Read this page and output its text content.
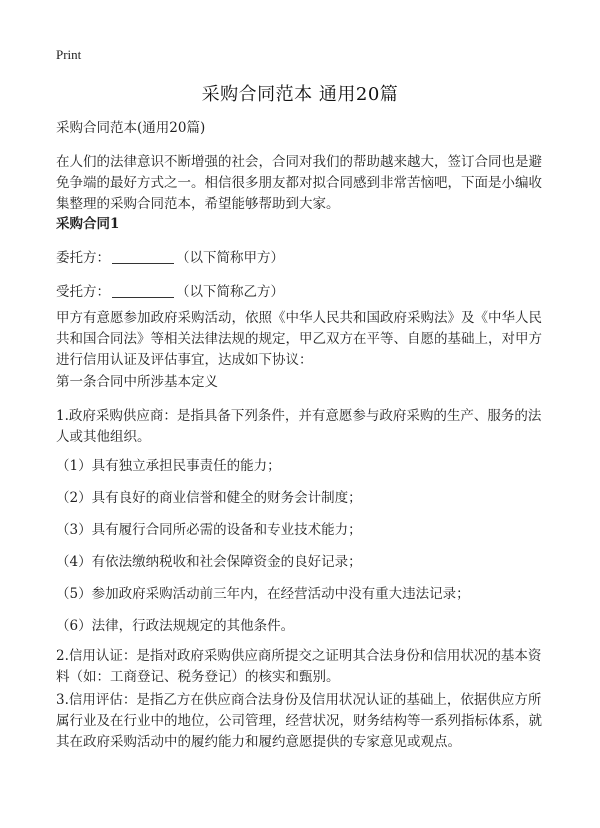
Print
采购合同范本 通用20篇
采购合同范本(通用20篇)
在人们的法律意识不断增强的社会，合同对我们的帮助越来越大，签订合同也是避免争端的最好方式之一。相信很多朋友都对拟合同感到非常苦恼吧，下面是小编收集整理的采购合同范本，希望能够帮助到大家。
采购合同1
委托方：	（以下简称甲方）
受托方：	（以下简称乙方）
甲方有意愿参加政府采购活动，依照《中华人民共和国政府采购法》及《中华人民共和国合同法》等相关法律法规的规定，甲乙双方在平等、自愿的基础上，对甲方进行信用认证及评估事宜，达成如下协议：
第一条合同中所涉基本定义
1.政府采购供应商：是指具备下列条件，并有意愿参与政府采购的生产、服务的法人或其他组织。
（1）具有独立承担民事责任的能力；
（2）具有良好的商业信誉和健全的财务会计制度；
（3）具有履行合同所必需的设备和专业技术能力；
（4）有依法缴纳税收和社会保障资金的良好记录；
（5）参加政府采购活动前三年内，在经营活动中没有重大违法记录；
（6）法律，行政法规规定的其他条件。
2.信用认证：是指对政府采购供应商所提交之证明其合法身份和信用状况的基本资料（如：工商登记、税务登记）的核实和甄别。
3.信用评估：是指乙方在供应商合法身份及信用状况认证的基础上，依据供应方所属行业及在行业中的地位，公司管理，经营状况，财务结构等一系列指标体系，就其在政府采购活动中的履约能力和履约意愿提供的专家意见或观点。
